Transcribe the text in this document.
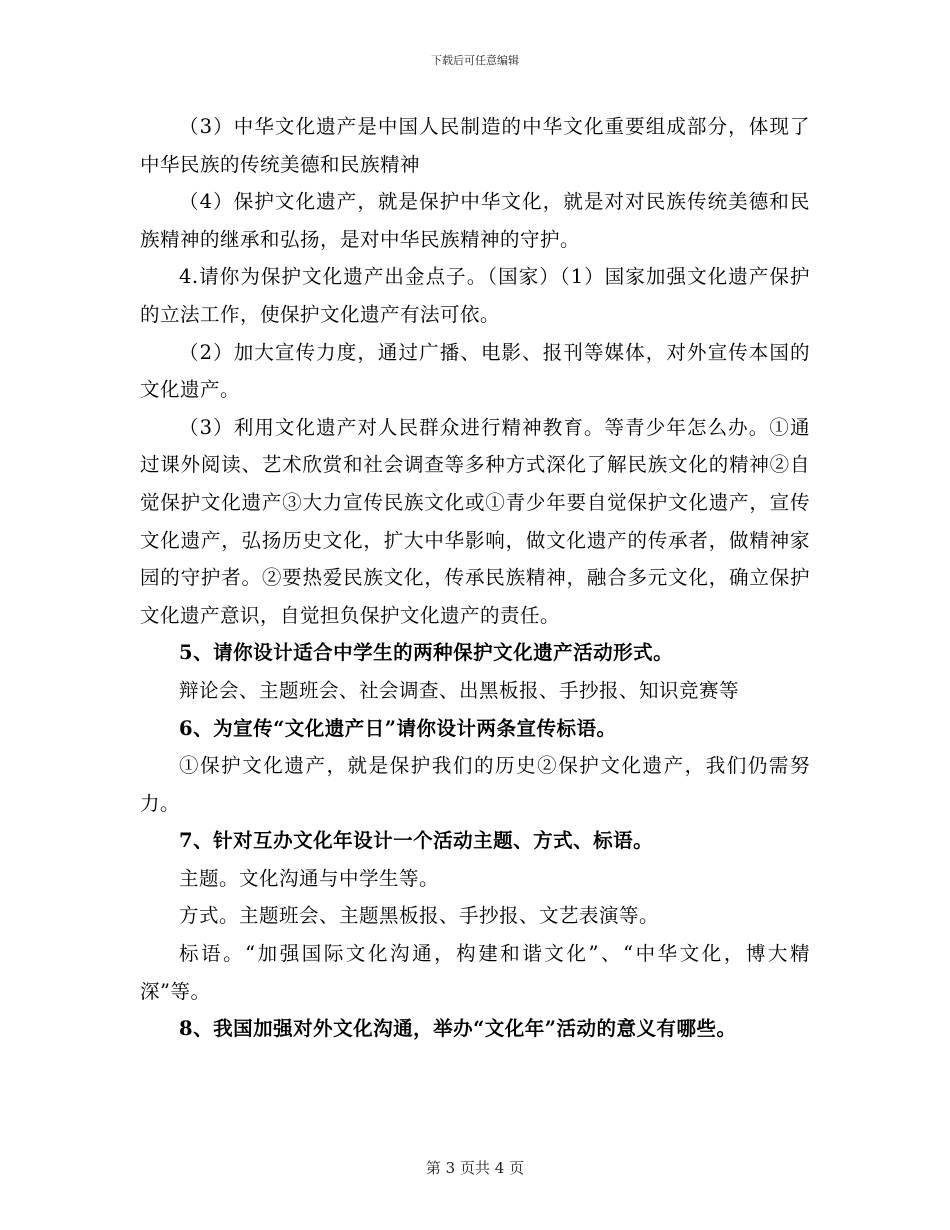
下载后可任意编辑

（3）中华文化遗产是中国人民制造的中华文化重要组成部分，体现了中华民族的传统美德和民族精神

（4）保护文化遗产，就是保护中华文化，就是对对民族传统美德和民族精神的继承和弘扬，是对中华民族精神的守护。

4.请你为保护文化遗产出金点子。（国家）（1）国家加强文化遗产保护的立法工作，使保护文化遗产有法可依。

（2）加大宣传力度，通过广播、电影、报刊等媒体，对外宣传本国的文化遗产。

（3）利用文化遗产对人民群众进行精神教育。等青少年怎么办。①通过课外阅读、艺术欣赏和社会调查等多种方式深化了解民族文化的精神②自觉保护文化遗产③大力宣传民族文化或①青少年要自觉保护文化遗产，宣传文化遗产，弘扬历史文化，扩大中华影响，做文化遗产的传承者，做精神家园的守护者。②要热爱民族文化，传承民族精神，融合多元文化，确立保护文化遗产意识，自觉担负保护文化遗产的责任。

5、请你设计适合中学生的两种保护文化遗产活动形式。

辩论会、主题班会、社会调查、出黑板报、手抄报、知识竞赛等

6、为宣传“文化遗产日”请你设计两条宣传标语。

①保护文化遗产，就是保护我们的历史②保护文化遗产，我们仍需努力。

7、针对互办文化年设计一个活动主题、方式、标语。

主题。文化沟通与中学生等。

方式。主题班会、主题黑板报、手抄报、文艺表演等。

标语。“加强国际文化沟通，构建和谐文化”、“中华文化，博大精深”等。

8、我国加强对外文化沟通，举办“文化年”活动的意义有哪些。

第 3 页共 4 页
